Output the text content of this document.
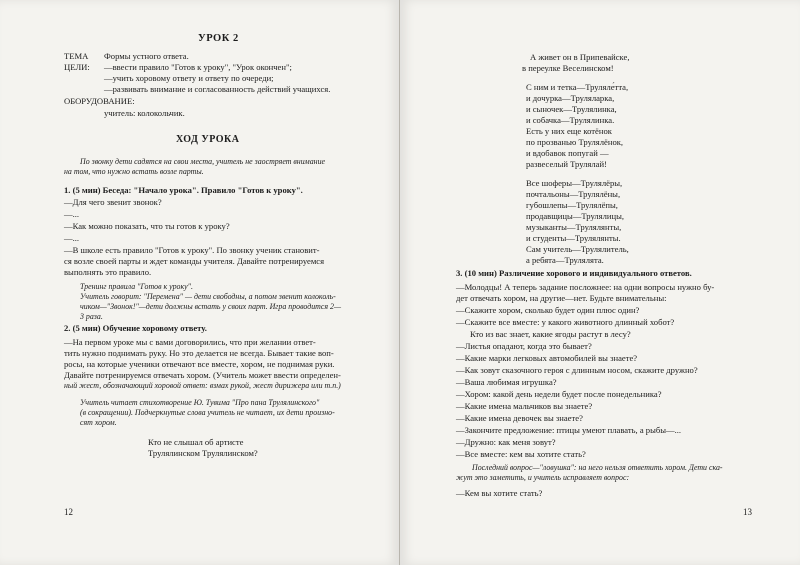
УРОК 2
ТЕМА Формы устного ответа.
ЦЕЛИ: —ввести правило "Готов к уроку", "Урок окончен";
—учить хоровому ответу и ответу по очереди;
—развивать внимание и согласованность действий учащихся.
ОБОРУДОВАНИЕ:
учитель: колокольчик.
ХОД УРОКА
По звонку дети садятся на свои места, учитель не заостряет внимание
на том, что нужно встать возле парты.
1. (5 мин) Беседа: "Начало урока". Правило "Готов к уроку".
—Для чего звенит звонок?
—...
—Как можно показать, что ты готов к уроку?
—...
—В школе есть правило "Готов к уроку". По звонку ученик становит-
ся возле своей парты и ждет команды учителя. Давайте потренируемся
выполнять это правило.
Тренинг правила "Готов к уроку".
Учитель говорит: "Перемена" — дети свободны, а потом звенит колоколь-
чиком—"Звонок!"—дети должны встать у своих парт. Игра проводится 2—
3 раза.
2. (5 мин) Обучение хоровому ответу.
—На первом уроке мы с вами договорились, что при желании ответ-
тить нужно поднимать руку. Но это делается не всегда. Бывает такие воп-
росы, на которые ученики отвечают все вместе, хором, не поднимая руки.
Давайте потренируемся отвечать хором. (Учитель может ввести определен-
ный жест, обозначающий хоровой ответ: взмах рукой, жест дирижера или т.п.)
Учитель читает стихотворение Ю. Тувима "Про пана Трулялинского"
(в сокращении). Подчеркнутые слова учитель не читает, их дети произно-
сят хором.
Кто не слышал об артисте
Трулялинском Трулялинском?
12
А живет он в Припевайске,
в переулке Веселинском!
С ним и тетка—Труляле́тта,
и дочурка—Труляларка,
и сыночек—Трулялинка,
и собачка—Трулялинка.
Есть у них еще котёнок
по прозванью Трулялёнок,
и вдобавок попугай —
развеселый Трулялай!
Все шоферы—Трулялёры,
почтальоны—Трулялёны,
губошлепы—Трулялёпы,
продавщицы—Трулялицы,
музыканты—Трулялянты,
и студенты—Трулялянты.
Сам учитель—Трулялитель,
а ребята—Трулялята.
3. (10 мин) Различение хорового и индивидуального ответов.
—Молодцы! А теперь задание посложнее: на одни вопросы нужно бу-
дет отвечать хором, на другие—нет. Будьте внимательны:
—Скажите хором, сколько будет один плюс один?
—Скажите все вместе: у какого животного длинный хобот?
Кто из вас знает, какие ягоды растут в лесу?
—Листья опадают, когда это бывает?
—Какие марки легковых автомобилей вы знаете?
—Как зовут сказочного героя с длинным носом, скажите дружно?
—Ваша любимая игрушка?
—Хором: какой день недели будет после понедельника?
—Какие имена мальчиков вы знаете?
—Какие имена девочек вы знаете?
—Закончите предложение: птицы умеют плавать, а рыбы—...
—Дружно: как меня зовут?
—Все вместе: кем вы хотите стать?
Последний вопрос—"ловушка": на него нельзя ответить хором. Дети ска-
жут это заметить, и учитель исправляет вопрос:
—Кем вы хотите стать?
13
